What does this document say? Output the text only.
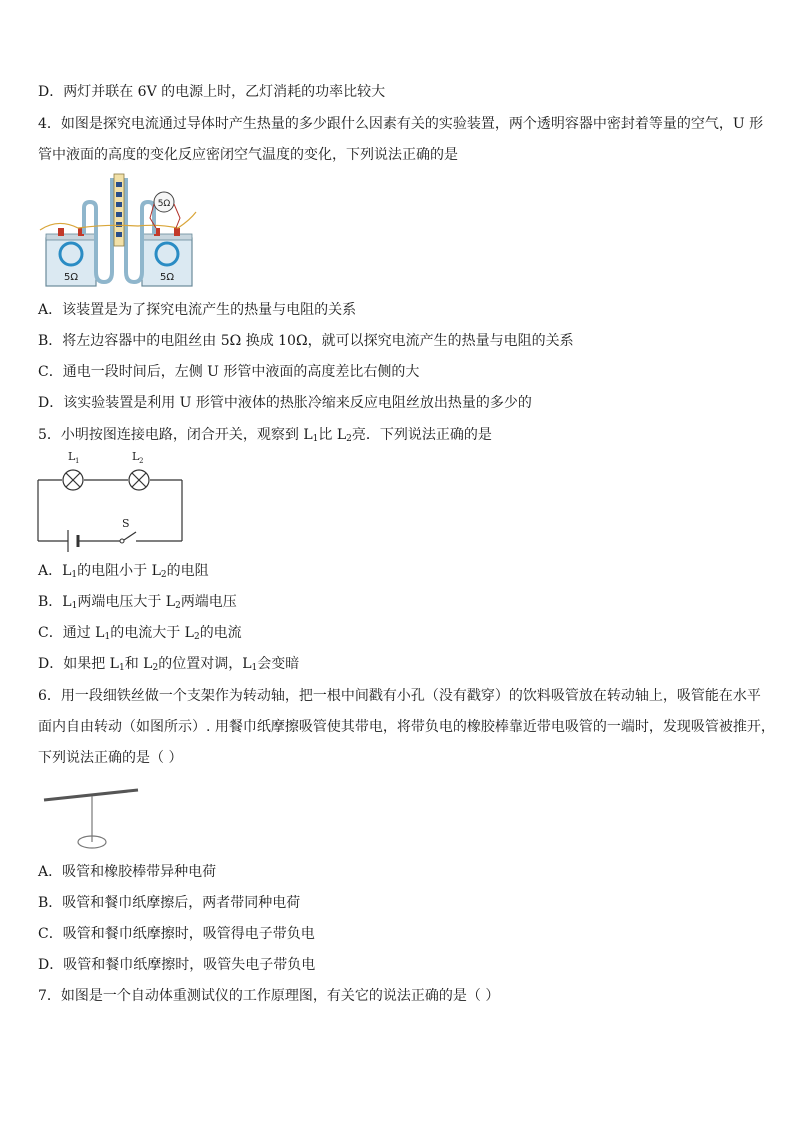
D．两灯并联在 6V 的电源上时，乙灯消耗的功率比较大
4．如图是探究电流通过导体时产生热量的多少跟什么因素有关的实验装置，两个透明容器中密封着等量的空气，U 形
管中液面的高度的变化反应密闭空气温度的变化，下列说法正确的是
5Ω	5Ω
5Ω
A．该装置是为了探究电流产生的热量与电阻的关系
B．将左边容器中的电阻丝由 5Ω 换成 10Ω，就可以探究电流产生的热量与电阻的关系
C．通电一段时间后，左侧 U 形管中液面的高度差比右侧的大
D．该实验装置是利用 U 形管中液体的热胀冷缩来反应电阻丝放出热量的多少的
5．小明按图连接电路，闭合开关，观察到 $L_1$比 $L_2$亮．下列说法正确的是
L 1	L 2
S
A．$L_1$的电阻小于 $L_2$的电阻
B．$L_1$两端电压大于 $L_2$两端电压
C．通过 $L_1$的电流大于 $L_2$的电流
D．如果把 $L_1$和 $L_2$的位置对调，$L_1$会变暗
6．用一段细铁丝做一个支架作为转动轴，把一根中间戳有小孔（没有戳穿）的饮料吸管放在转动轴上，吸管能在水平
面内自由转动（如图所示）. 用餐巾纸摩擦吸管使其带电，将带负电的橡胶棒靠近带电吸管的一端时，发现吸管被推开，
下列说法正确的是（ ）
A．吸管和橡胶棒带异种电荷
B．吸管和餐巾纸摩擦后，两者带同种电荷
C．吸管和餐巾纸摩擦时，吸管得电子带负电
D．吸管和餐巾纸摩擦时，吸管失电子带负电
7．如图是一个自动体重测试仪的工作原理图，有关它的说法正确的是（ ）
